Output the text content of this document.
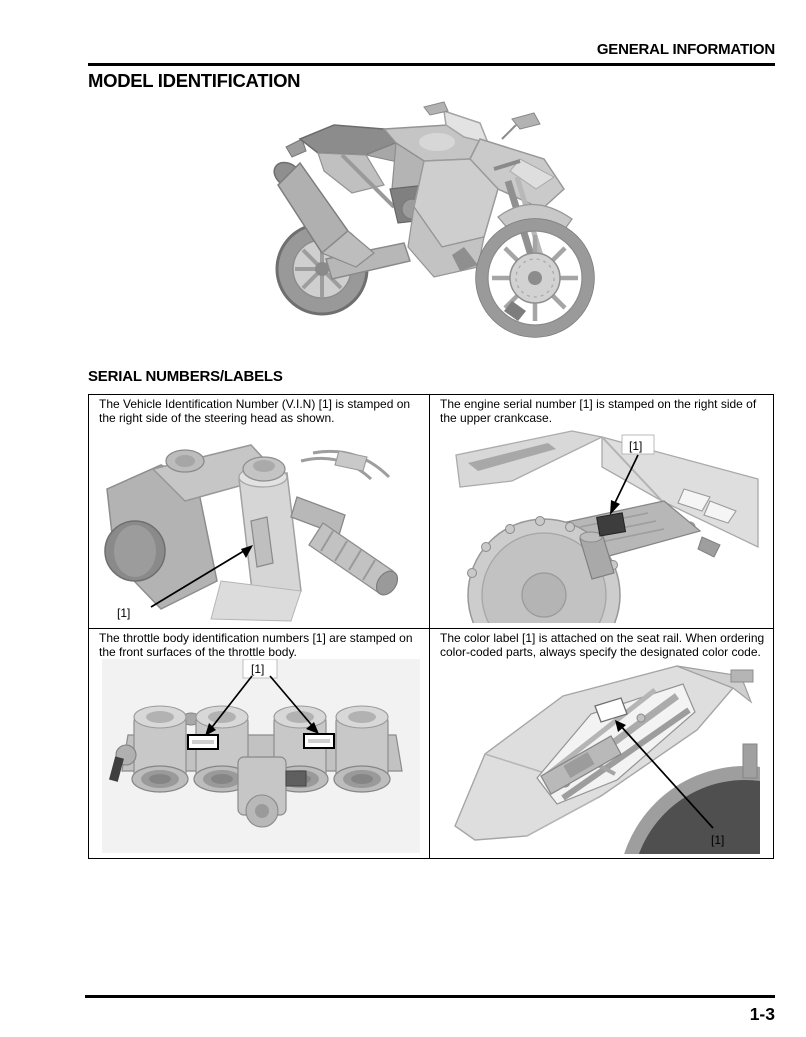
GENERAL INFORMATION
MODEL IDENTIFICATION
SERIAL NUMBERS/LABELS
The Vehicle Identification Number (V.I.N) [1] is stamped on the right side of the steering head as shown.
[1]
The engine serial number [1] is stamped on the right side of the upper crankcase.
[1]
The throttle body identification numbers [1] are stamped on the front surfaces of the throttle body.
[1]
The color label [1] is attached on the seat rail. When ordering color-coded parts, always specify the designated color code.
[1]
1-3
